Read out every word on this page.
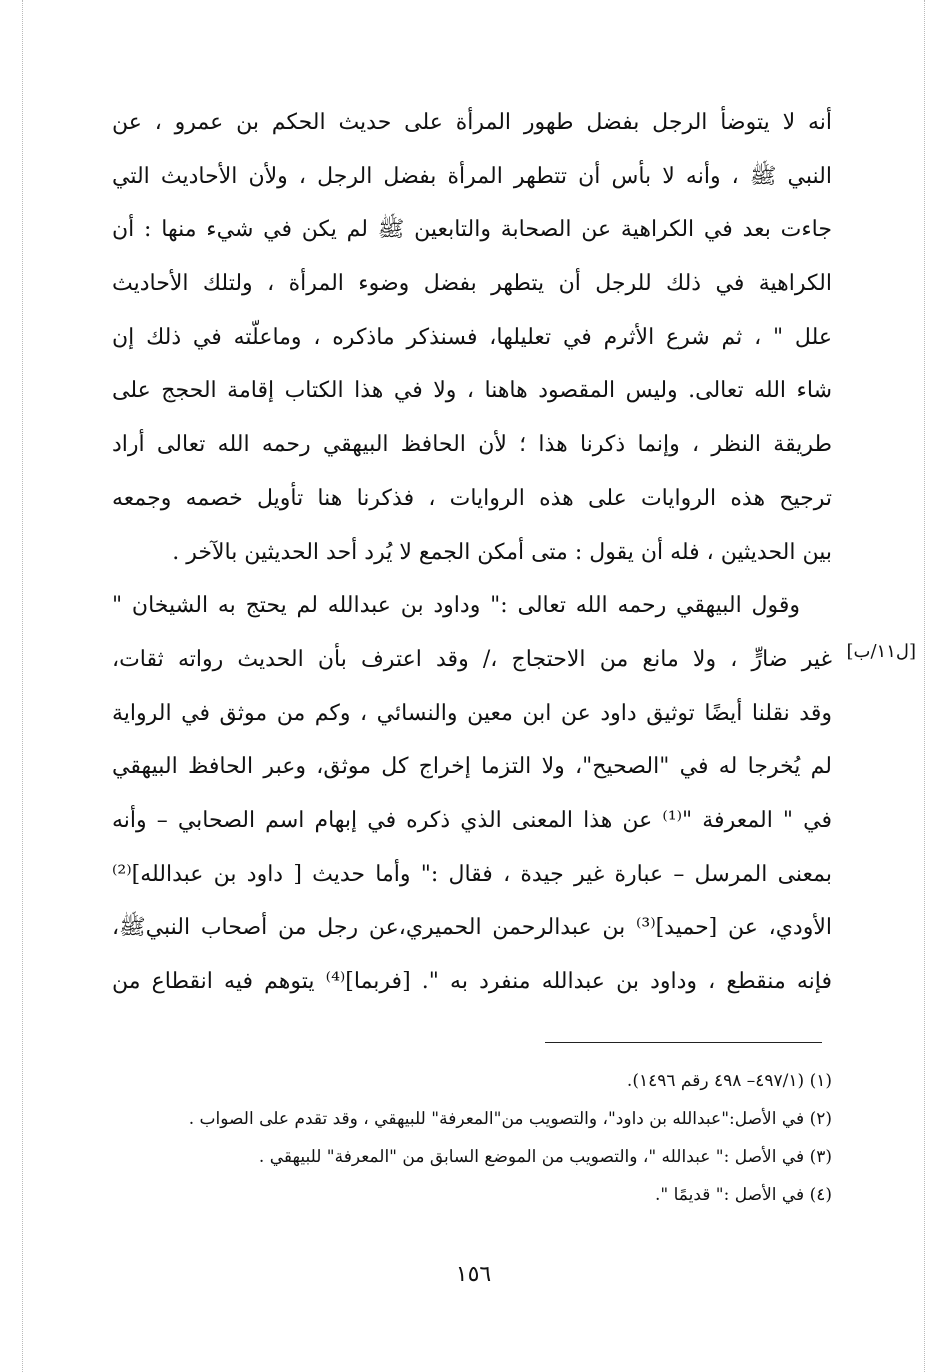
أنه لا يتوضأ الرجل بفضل طهور المرأة على حديث الحكم بن عمرو ، عن
النبي ﷺ ، وأنه لا بأس أن تتطهر المرأة بفضل الرجل ، ولأن الأحاديث التي
جاءت بعد في الكراهية عن الصحابة والتابعين ﷺ لم يكن في شيء منها : أن
الكراهية في ذلك للرجل أن يتطهر بفضل وضوء المرأة ، ولتلك الأحاديث
علل " ، ثم شرع الأثرم في تعليلها، فسنذكر ماذكره ، وماعلّته في ذلك إن
شاء الله تعالى. وليس المقصود هاهنا ، ولا في هذا الكتاب إقامة الحجج على
طريقة النظر ، وإنما ذكرنا هذا ؛ لأن الحافظ البيهقي رحمه الله تعالى أراد
ترجيح هذه الروايات على هذه الروايات ، فذكرنا هنا تأويل خصمه وجمعه
بين الحديثين ، فله أن يقول : متى أمكن الجمع لا يُرد أحد الحديثين بالآخر .
وقول البيهقي رحمه الله تعالى :" وداود بن عبدالله لم يحتج به الشيخان "
غير ضارٍّ ، ولا مانع من الاحتجاج ،/ وقد اعترف بأن الحديث رواته ثقات،
وقد نقلنا أيضًا توثيق داود عن ابن معين والنسائي ، وكم من موثق في الرواية
لم يُخرجا له في "الصحيح"، ولا التزما إخراج كل موثق، وعبر الحافظ البيهقي
في " المعرفة "⁽¹⁾ عن هذا المعنى الذي ذكره في إبهام اسم الصحابي – وأنه
بمعنى المرسل – عبارة غير جيدة ، فقال :" وأما حديث [ داود بن عبدالله]⁽²⁾
الأودي، عن [حميد]⁽³⁾ بن عبدالرحمن الحميري،عن رجل من أصحاب النبيﷺ،
فإنه منقطع ، وداود بن عبدالله منفرد به ". [فربما]⁽⁴⁾ يتوهم فيه انقطاع من
[ل١١/ب]
(١) (٤٩٧/١– ٤٩٨ رقم ١٤٩٦).
(٢) في الأصل:"عبدالله بن داود"، والتصويب من"المعرفة" للبيهقي ، وقد تقدم على الصواب .
(٣) في الأصل :" عبدالله "، والتصويب من الموضع السابق من "المعرفة" للبيهقي .
(٤) في الأصل :" قديمًا ".
١٥٦
